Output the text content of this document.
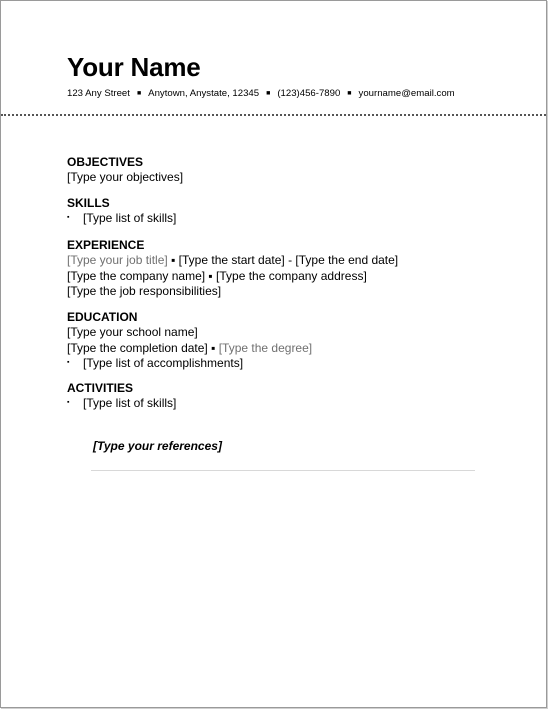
Your Name
123 Any Street ■ Anytown, Anystate, 12345 ■ (123)456-7890 ■ yourname@email.com
OBJECTIVES
[Type your objectives]
SKILLS
▪	[Type list of skills]
EXPERIENCE
[Type your job title] ▪ [Type the start date] - [Type the end date]
[Type the company name] ▪ [Type the company address]
[Type the job responsibilities]
EDUCATION
[Type your school name]
[Type the completion date] ▪ [Type the degree]
▪	[Type list of accomplishments]
ACTIVITIES
▪	[Type list of skills]
[Type your references]
